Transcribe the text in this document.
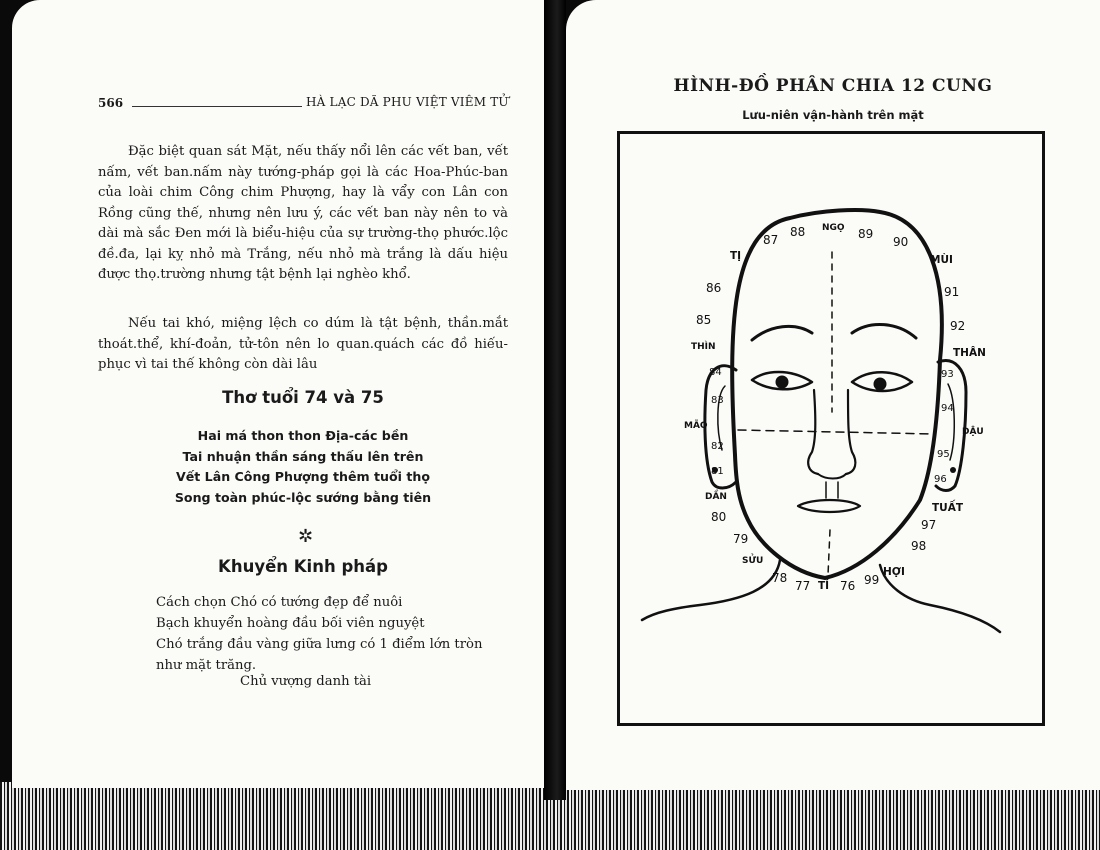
566	HÀ LẠC DÃ PHU VIỆT VIÊM TỬ
Đặc biệt quan sát Mặt, nếu thấy nổi lên các vết ban, vết nấm, vết ban.nấm này tướng-pháp gọi là các Hoa-Phúc-ban của loài chim Công chim Phượng, hay là vẩy con Lân con Rồng cũng thế, nhưng nên lưu ý, các vết ban này nên to và dài mà sắc Đen mới là biểu-hiệu của sự trường-thọ phước.lộc đề.đa, lại kỵ nhỏ mà Trắng, nếu nhỏ mà trắng là dấu hiệu được thọ.trường nhưng tật bệnh lại nghèo khổ.
Nếu tai khó, miệng lệch co dúm là tật bệnh, thần.mắt thoát.thể, khí-đoản, tử-tôn nên lo quan.quách các đồ hiếu-phục vì tai thế không còn dài lâu
Thơ tuổi 74 và 75
Hai má thon thon Địa-các bền
Tai nhuận thần sáng thấu lên trên
Vết Lân Công Phượng thêm tuổi thọ
Song toàn phúc-lộc sướng bằng tiên
✲
Khuyển Kinh pháp
Cách chọn Chó có tướng đẹp để nuôi
Bạch khuyển hoàng đầu bối viên nguyệt
Chó trắng đầu vàng giữa lưng có 1 điểm lớn tròn
như mặt trăng.
Chủ vượng danh tài
HÌNH-ĐỒ PHÂN CHIA 12 CUNG
Lưu-niên vận-hành trên mặt
87
88 NGỌ 89
90
TỊ	MÙI
86	91
85	92
THÌN	THÂN
84	93
83
94
MÃO
DẬU
82
95
81
96
DẦN
TUẤT
80
97
79	98
SỬU
78
77 TÍ 76 99
HỢI
